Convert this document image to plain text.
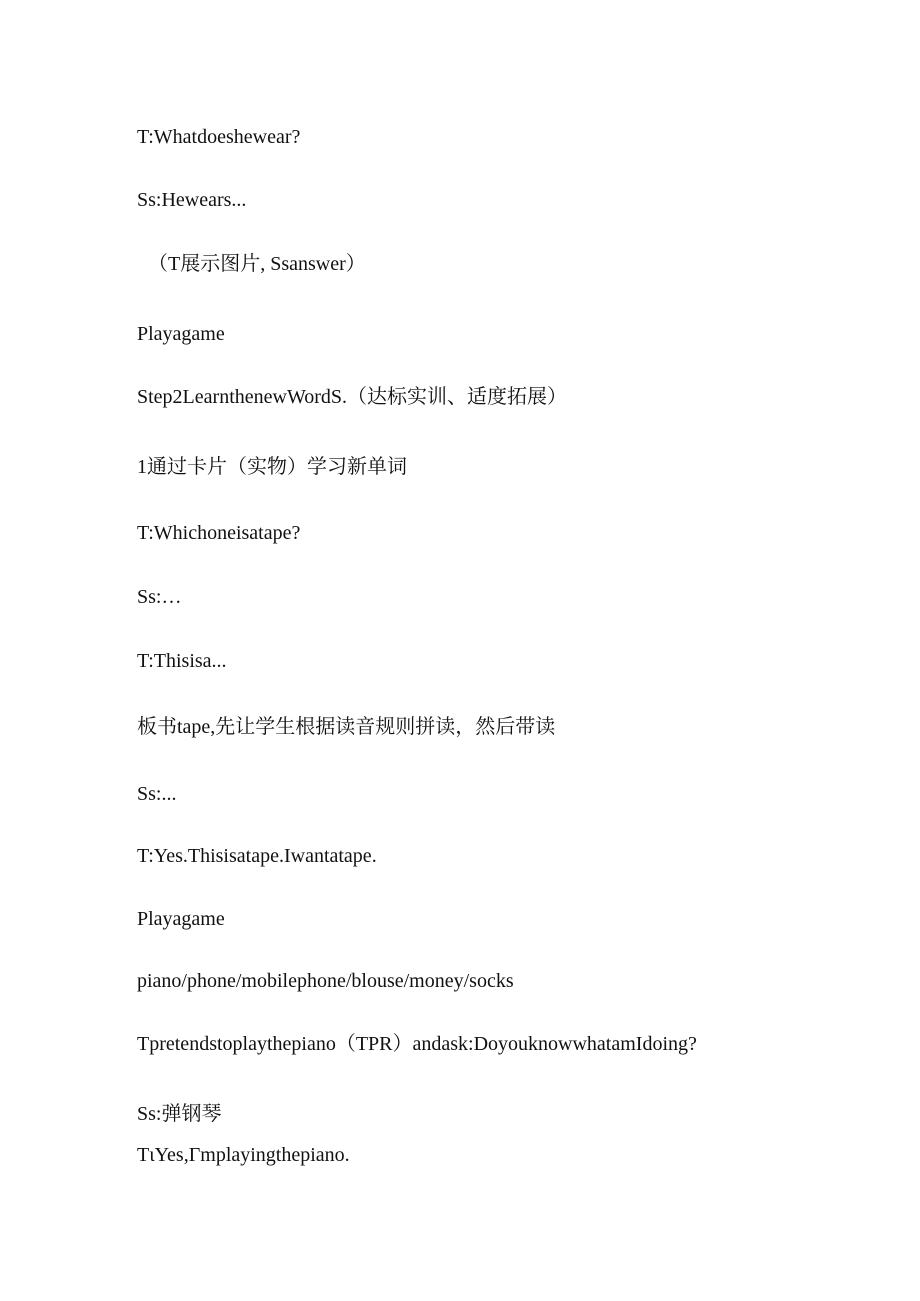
T:Whatdoeshewear?
Ss:Hewears...
（T展示图片, Ssanswer）
Playagame
Step2LearnthenewWordS.（达标实训、适度拓展）
1通过卡片（实物）学习新单词
T:Whichoneisatape?
Ss:…
T:Thisisa...
板书tape,先让学生根据读音规则拼读，然后带读
Ss:...
T:Yes.Thisisatape.Iwantatape.
Playagame
piano/phone/mobilephone/blouse/money/socks
Tpretendstoplaythepiano（TPR）andask:DoyouknowwhatamIdoing?
Ss:弹钢琴
TιYes,Γmplayingthepiano.
